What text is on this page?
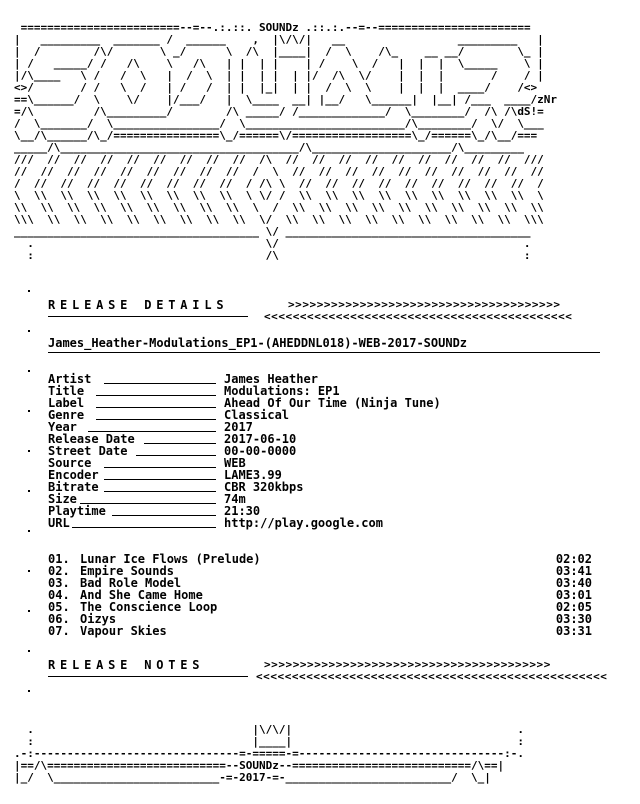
========================--=--.:.::. SOUNDz .::.:.--=--=======================
|   _________  _______ /  ______    ,  |\/\/|   __                 _________   |
|  /        /\/       \ _/      \  /\  |____|  /  \    /\_    __ __/        \_ |
| /   _____/ /   /\    \   /\   | |  | |    | /    \  /   |  |  |  \_____    \ |
|/\____   \ /   /  \   |  /  \  | |  | |  | |/  /\  \/    |  |  |       /    / |
<>/       / /   \  /   | /   /  | |  |_|  | |  /  \  \    |  |  |  ____/    /<>
==\______/  \    \/    |/___/   |  \____  __| |__/   \______|  |__| /___  ____/zNr
=/\         /\_________/        /\ _____/ /_____________/  \________/  /\ /\dS!=
/  \_______/  \________________/  \________________________/\________/  \/  \___
\__/\______/\_/================\_/======\/==================\_/======\_/\__/===
_____/\____________________________________/\_____________________/\_________
///  //  //  //  //  //  //  //  //  /\  //  //  //  //  //  //  //  //  //  ///
//  //  //  //  //  //  //  //  //  /  \  //  //  //  //  //  //  //  //  //  //
/  //  //  //  //  //  //  //  //  / /\ \  //  //  //  //  //  //  //  //  //  /
\  \\  \\  \\  \\  \\  \\  \\  \\  \ \/ /  \\  \\  \\  \\  \\  \\  \\  \\  \\  \
\\  \\  \\  \\  \\  \\  \\  \\  \\  \  /  \\  \\  \\  \\  \\  \\  \\  \\  \\  \\
\\\  \\  \\  \\  \\  \\  \\  \\  \\  \/  \\  \\  \\  \\  \\  \\  \\  \\  \\  \\\
_____________________________________ \/ _____________________________________
.                                   \/                                     .
:                                   /\                                     :

RELEASE DETAILS	>>>>>>>>>>>>>>>>>>>>>>>>>>>>>>>>>>>>>>
<<<<<<<<<<<<<<<<<<<<<<<<<<<<<<<<<<<<<<<<<<<
James_Heather-Modulations_EP1-(AHEDDNL018)-WEB-2017-SOUNDz
Artist	James Heather
Title	Modulations: EP1
Label	Ahead Of Our Time (Ninja Tune)
Genre	Classical
Year	2017
Release Date	2017-06-10
Street Date	00-00-0000
Source	WEB
Encoder	LAME3.99
Bitrate	CBR 320kbps
Size	74m
Playtime	21:30
URL	http://play.google.com
01. Lunar Ice Flows (Prelude)	02:02
02. Empire Sounds	03:41
03. Bad Role Model	03:40
04. And She Came Home	03:01
05. The Conscience Loop	02:05
06. Oizys	03:30
07. Vapour Skies	03:31
RELEASE NOTES	>>>>>>>>>>>>>>>>>>>>>>>>>>>>>>>>>>>>>>>>
<<<<<<<<<<<<<<<<<<<<<<<<<<<<<<<<<<<<<<<<<<<<<<<<<
.                                 |\/\/|                                  .
:                                 |____|                                  :
.-:-------------------------------=-=====-=-------------------------------:-.
|==/\===========================--SOUNDz--===========================/\==|
|_/  \_________________________-=-2017-=-_________________________/  \_|
